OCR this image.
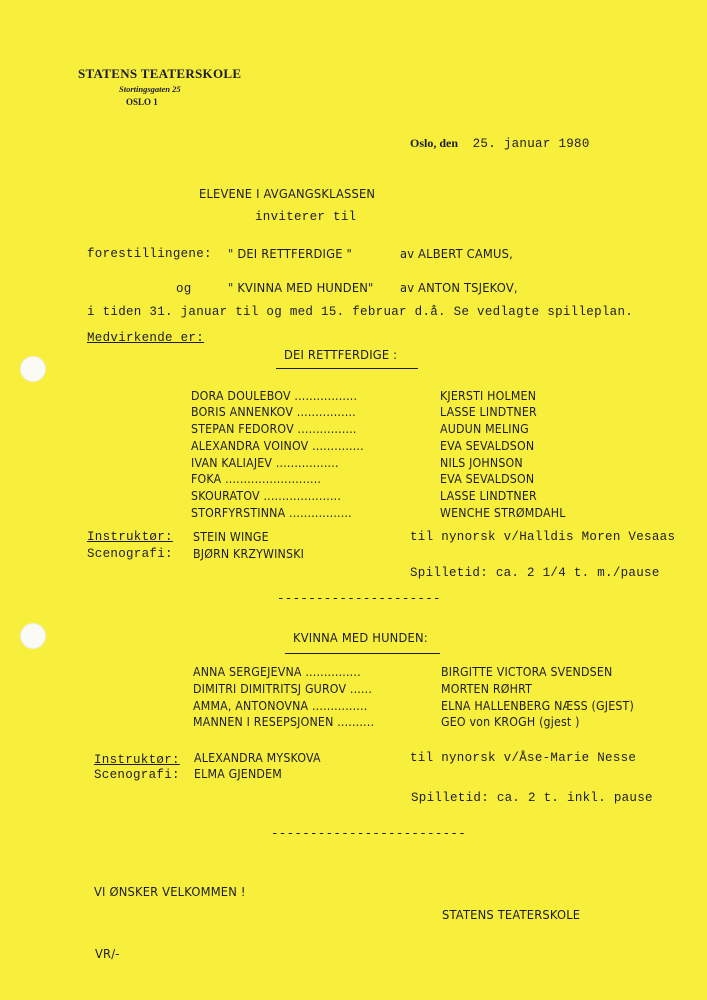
STATENS TEATERSKOLE
Stortingsgaten 25
OSLO 1
Oslo, den 25. januar 1980
ELEVENE I AVGANGSKLASSEN
inviterer til
forestillingene: " DEI RETTFERDIGE "	av ALBERT CAMUS,
og	" KVINNA MED HUNDEN" av ANTON TSJEKOV,
i tiden 31. januar til og med 15. februar d.å. Se vedlagte spilleplan.
Medvirkende er:
DEI RETTFERDIGE :
DORA DOULEBOV .................	KJERSTI HOLMEN
BORIS ANNENKOV ................	LASSE LINDTNER
STEPAN FEDOROV ................	AUDUN MELING
ALEXANDRA VOINOV ..............	EVA SEVALDSON
IVAN KALIAJEV .................	NILS JOHNSON
FOKA ..........................	EVA SEVALDSON
SKOURATOV .....................	LASSE LINDTNER
STORFYRSTINNA .................	WENCHE STRØMDAHL
Instruktør: STEIN WINGE
Scenografi: BJØRN KRZYWINSKI
til nynorsk v/Halldis Moren Vesaas
Spilletid: ca. 2 1/4 t. m./pause
---------------------
KVINNA MED HUNDEN:
ANNA SERGEJEVNA ...............	BIRGITTE VICTORA SVENDSEN
DIMITRI DIMITRITSJ GUROV ......	MORTEN RØHRT
AMMA, ANTONOVNA ...............	ELNA HALLENBERG NÆSS (GJEST)
MANNEN I RESEPSJONEN ..........	GEO von KROGH (gjest )
Instruktør: ALEXANDRA MYSKOVA
Scenografi: ELMA GJENDEM
til nynorsk v/Åse-Marie Nesse
Spilletid: ca. 2 t. inkl. pause
-------------------------
VI ØNSKER VELKOMMEN !
STATENS TEATERSKOLE
VR/-
